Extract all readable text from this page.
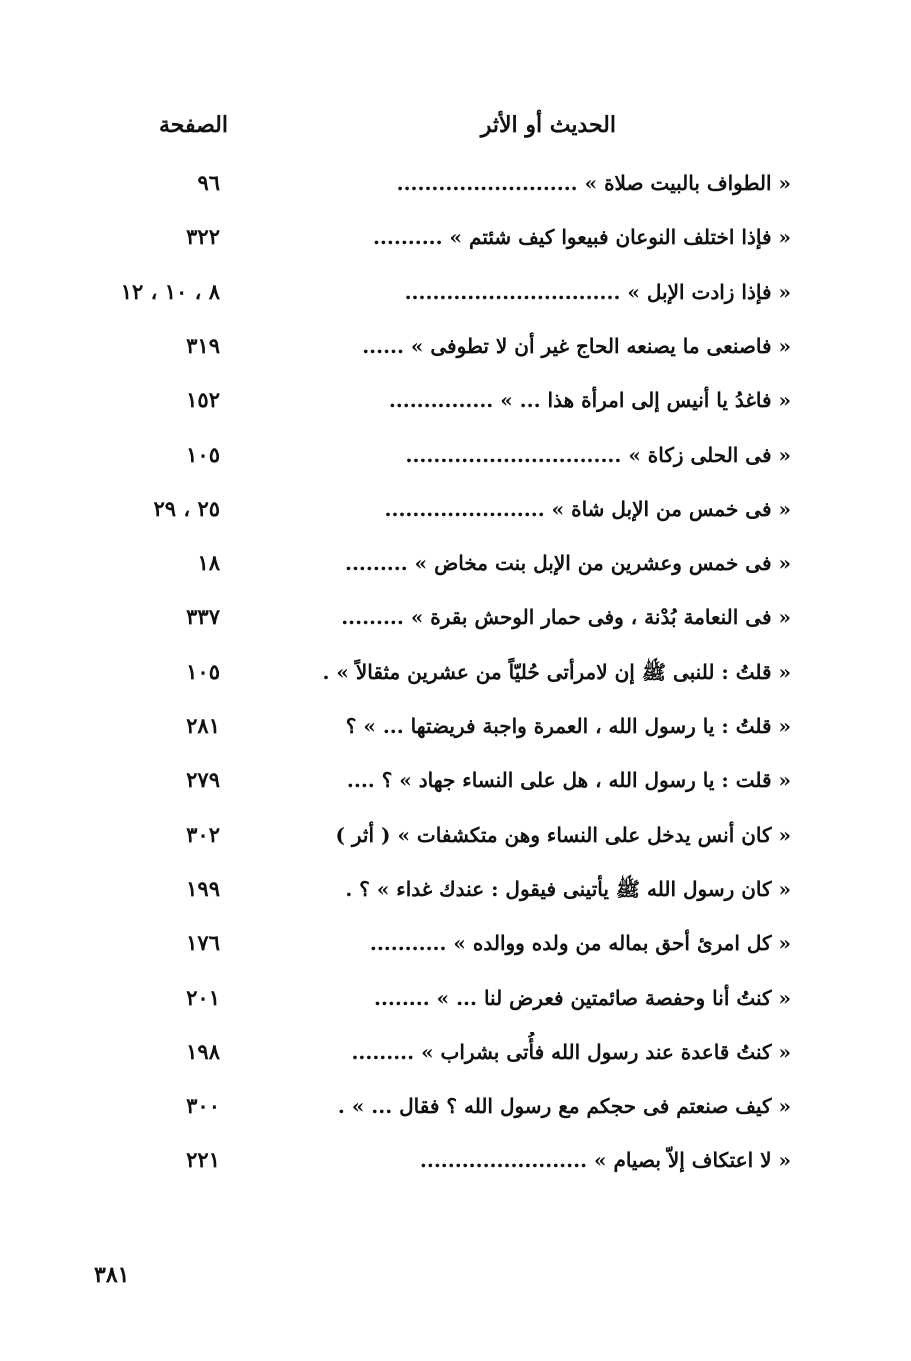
الحديث أو الأثر
الصفحة
« الطواف بالبيت صلاة » ..........................
٩٦
« فإذا اختلف النوعان فبيعوا كيف شئتم » ..........
٣٢٢
« فإذا زادت الإبل » ...............................
٨ ، ١٠ ، ١٢
« فاصنعى ما يصنعه الحاج غير أن لا تطوفى » ......
٣١٩
« فاغدُ يا أنيس إلى امرأة هذا ... » ...............
١٥٢
« فى الحلى زكاة » ...............................
١٠٥
« فى خمس من الإبل شاة » .......................
٢٥ ، ٢٩
« فى خمس وعشرين من الإبل بنت مخاض » .........
١٨
« فى النعامة بُدْنة ، وفى حمار الوحش بقرة » .........
٣٣٧
« قلتُ : للنبى ﷺ إن لامرأتى حُليّاً من عشرين مثقالاً » .
١٠٥
« قلتُ : يا رسول الله ، العمرة واجبة فريضتها ... » ؟
٢٨١
« قلت : يا رسول الله ، هل على النساء جهاد » ؟ ....
٢٧٩
« كان أنس يدخل على النساء وهن متكشفات » ( أثر )
٣٠٢
« كان رسول الله ﷺ يأتينى فيقول : عندك غداء » ؟ .
١٩٩
« كل امرئ أحق بماله من ولده ووالده » ...........
١٧٦
« كنتُ أنا وحفصة صائمتين فعرض لنا ... » ........
٢٠١
« كنتُ قاعدة عند رسول الله فأُتى بشراب » .........
١٩٨
« كيف صنعتم فى حجكم مع رسول الله ؟ فقال ... » .
٣٠٠
« لا اعتكاف إلاّ بصيام » ........................
٢٢١
٣٨١
